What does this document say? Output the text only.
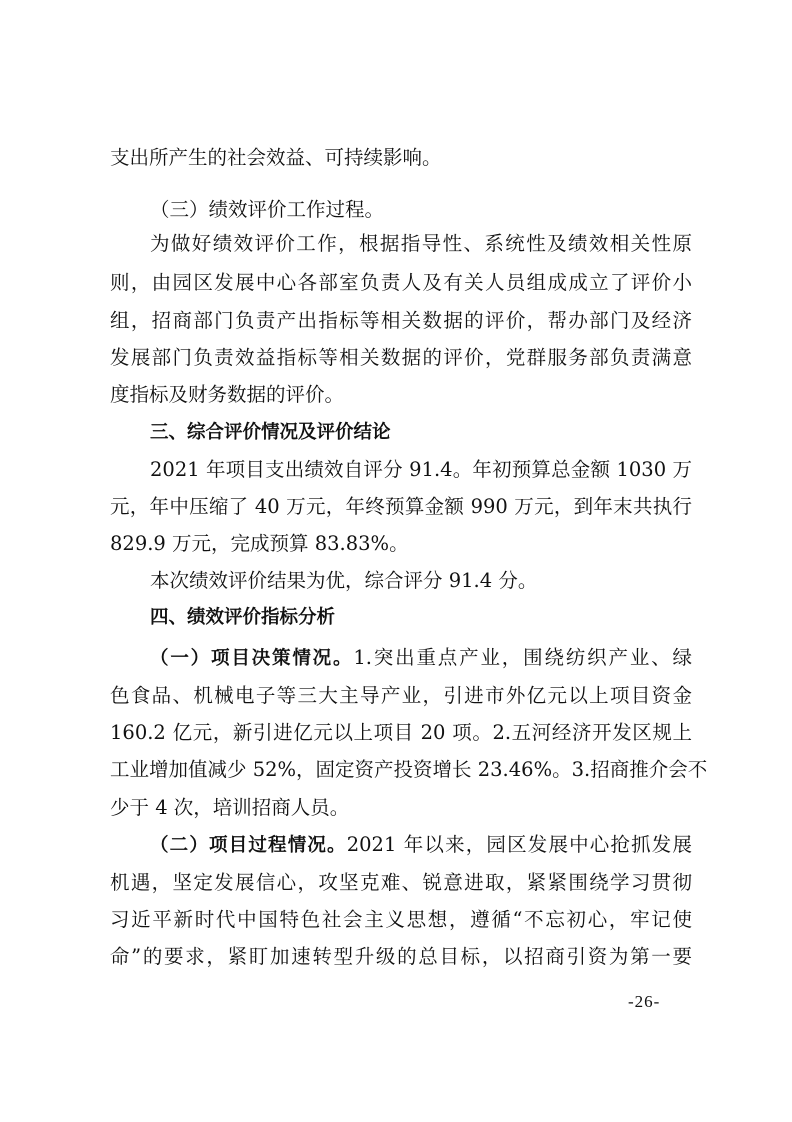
支出所产生的社会效益、可持续影响。
（三）绩效评价工作过程。
为做好绩效评价工作，根据指导性、系统性及绩效相关性原
则，由园区发展中心各部室负责人及有关人员组成成立了评价小
组，招商部门负责产出指标等相关数据的评价，帮办部门及经济
发展部门负责效益指标等相关数据的评价，党群服务部负责满意
度指标及财务数据的评价。
三、综合评价情况及评价结论
2021 年项目支出绩效自评分 91.4。年初预算总金额 1030 万
元，年中压缩了 40 万元，年终预算金额 990 万元，到年末共执行
829.9 万元，完成预算 83.83%。
本次绩效评价结果为优，综合评分 91.4 分。
四、绩效评价指标分析
（一）项目决策情况。1.突出重点产业，围绕纺织产业、绿
色食品、机械电子等三大主导产业，引进市外亿元以上项目资金
160.2 亿元，新引进亿元以上项目 20 项。2.五河经济开发区规上
工业增加值减少 52%，固定资产投资增长 23.46%。3.招商推介会不
少于 4 次，培训招商人员。
（二）项目过程情况。2021 年以来，园区发展中心抢抓发展
机遇，坚定发展信心，攻坚克难、锐意进取，紧紧围绕学习贯彻
习近平新时代中国特色社会主义思想，遵循“不忘初心，牢记使
命”的要求，紧盯加速转型升级的总目标，以招商引资为第一要
-26-
